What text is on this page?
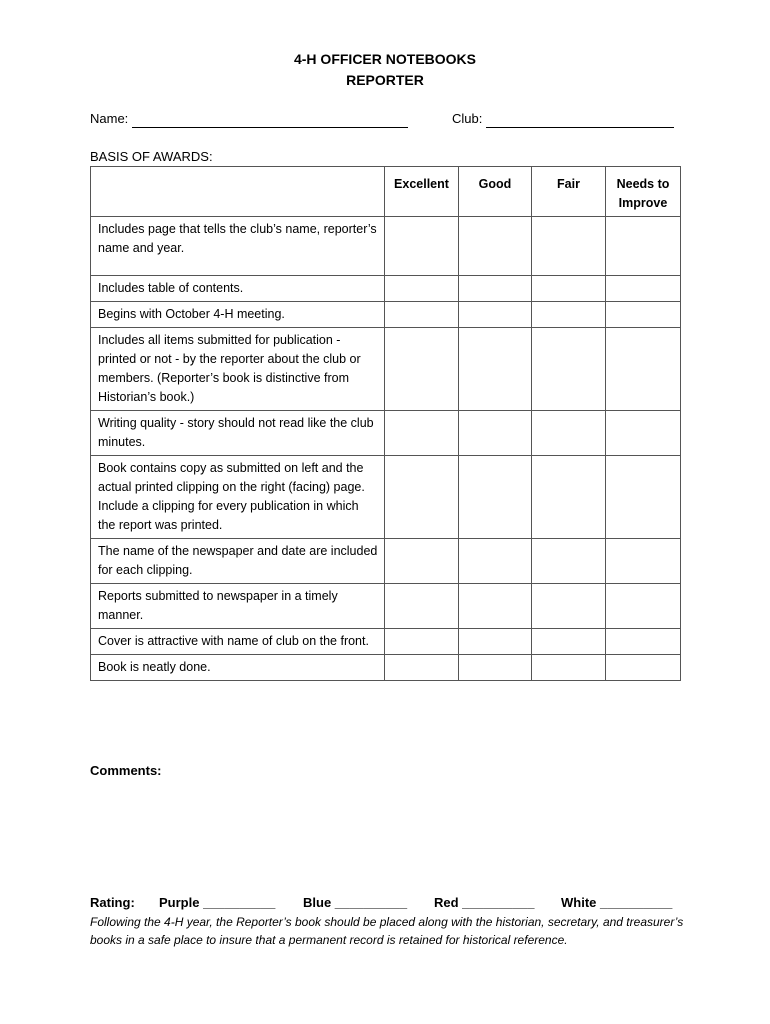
4-H OFFICER NOTEBOOKS
REPORTER
Name:	Club:
BASIS OF AWARDS:
	Excellent	Good	Fair	Needs to Improve
Includes page that tells the club’s name, reporter’s name and year.				
Includes table of contents.				
Begins with October 4-H meeting.				
Includes all items submitted for publication - printed or not - by the reporter about the club or members. (Reporter’s book is distinctive from Historian’s book.)				
Writing quality - story should not read like the club minutes.				
Book contains copy as submitted on left and the actual printed clipping on the right (facing) page. Include a clipping for every publication in which the report was printed.				
The name of the newspaper and date are included for each clipping.				
Reports submitted to newspaper in a timely manner.				
Cover is attractive with name of club on the front.				
Book is neatly done.				
Comments:
Rating: Purple __________ Blue __________ Red __________ White __________
Following the 4-H year, the Reporter’s book should be placed along with the historian, secretary, and treasurer’s books in a safe place to insure that a permanent record is retained for historical reference.
